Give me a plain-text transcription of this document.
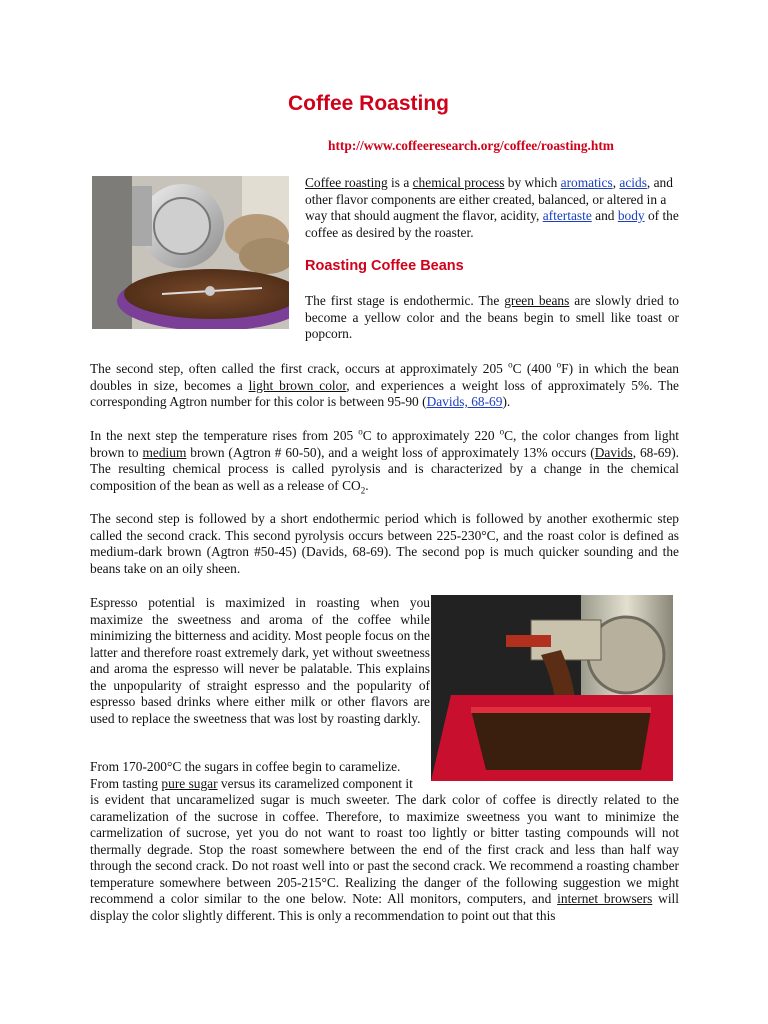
Coffee Roasting
http://www.coffeeresearch.org/coffee/roasting.htm

Coffee roasting is a chemical process by which aromatics, acids, and other flavor components are either created, balanced, or altered in a way that should augment the flavor, acidity, aftertaste and body of the coffee as desired by the roaster.

Roasting Coffee Beans

The first stage is endothermic. The green beans are slowly dried to become a yellow color and the beans begin to smell like toast or popcorn.

The second step, often called the first crack, occurs at approximately 205 $^o$C (400 $^o$F) in which the bean doubles in size, becomes a light brown color, and experiences a weight loss of approximately 5%. The corresponding Agtron number for this color is between 95-90 (Davids, 68-69).

In the next step the temperature rises from 205 $^o$C to approximately 220 $^o$C, the color changes from light brown to medium brown (Agtron # 60-50), and a weight loss of approximately 13% occurs (Davids, 68-69). The resulting chemical process is called pyrolysis and is characterized by a change in the chemical composition of the bean as well as a release of $CO_2$.

The second step is followed by a short endothermic period which is followed by another exothermic step called the second crack. This second pyrolysis occurs between 225-230°C, and the roast color is defined as medium-dark brown (Agtron #50-45) (Davids, 68-69). The second pop is much quicker sounding and the beans take on an oily sheen.

Espresso potential is maximized in roasting when you maximize the sweetness and aroma of the coffee while minimizing the bitterness and acidity. Most people focus on the latter and therefore roast extremely dark, yet without sweetness and aroma the espresso will never be palatable. This explains the unpopularity of straight espresso and the popularity of espresso based drinks where either milk or other flavors are used to replace the sweetness that was lost by roasting darkly.

From 170-200°C the sugars in coffee begin to caramelize.
From tasting pure sugar versus its caramelized component it

is evident that uncaramelized sugar is much sweeter. The dark color of coffee is directly related to the caramelization of the sucrose in coffee. Therefore, to maximize sweetness you want to minimize the carmelization of sucrose, yet you do not want to roast too lightly or bitter tasting compounds will not thermally degrade. Stop the roast somewhere between the end of the first crack and less than half way through the second crack. Do not roast well into or past the second crack. We recommend a roasting chamber temperature somewhere between 205-215°C. Realizing the danger of the following suggestion we might recommend a color similar to the one below. Note: All monitors, computers, and internet browsers will display the color slightly different. This is only a recommendation to point out that this
